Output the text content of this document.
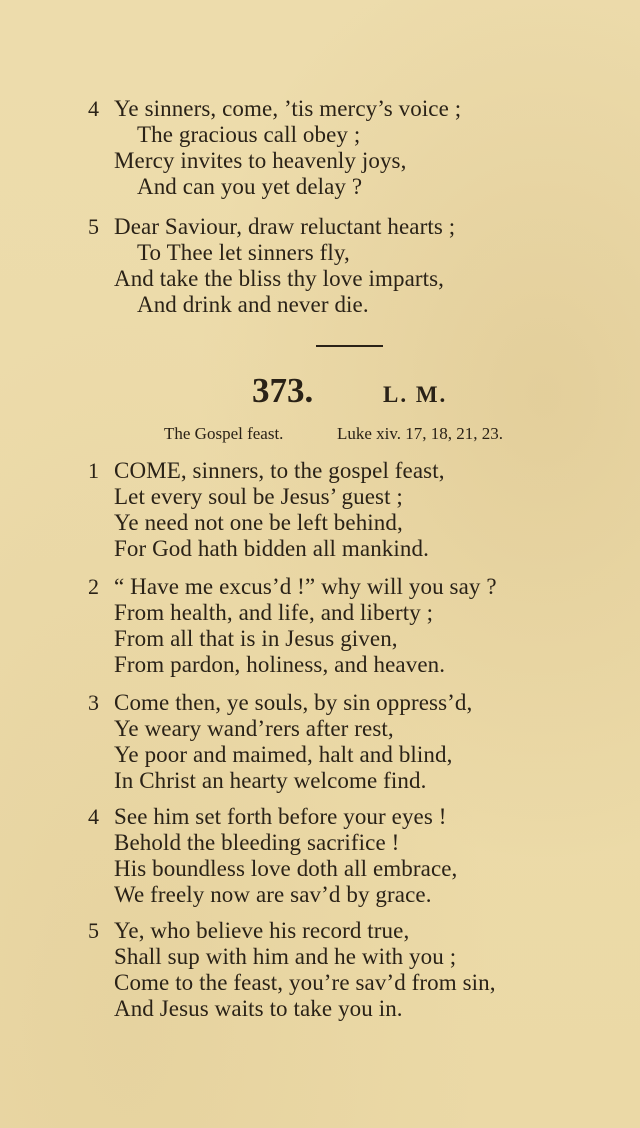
4 Ye sinners, come, ’tis mercy’s voice ;
The gracious call obey ;
Mercy invites to heavenly joys,
And can you yet delay ?
5 Dear Saviour, draw reluctant hearts ;
To Thee let sinners fly,
And take the bliss thy love imparts,
And drink and never die.
373.	L. M.
The Gospel feast.	Luke xiv. 17, 18, 21, 23.
1 COME, sinners, to the gospel feast,
Let every soul be Jesus’ guest ;
Ye need not one be left behind,
For God hath bidden all mankind.
2 “ Have me excus’d !” why will you say ?
From health, and life, and liberty ;
From all that is in Jesus given,
From pardon, holiness, and heaven.
3 Come then, ye souls, by sin oppress’d,
Ye weary wand’rers after rest,
Ye poor and maimed, halt and blind,
In Christ an hearty welcome find.
4 See him set forth before your eyes !
Behold the bleeding sacrifice !
His boundless love doth all embrace,
We freely now are sav’d by grace.
5 Ye, who believe his record true,
Shall sup with him and he with you ;
Come to the feast, you’re sav’d from sin,
And Jesus waits to take you in.
